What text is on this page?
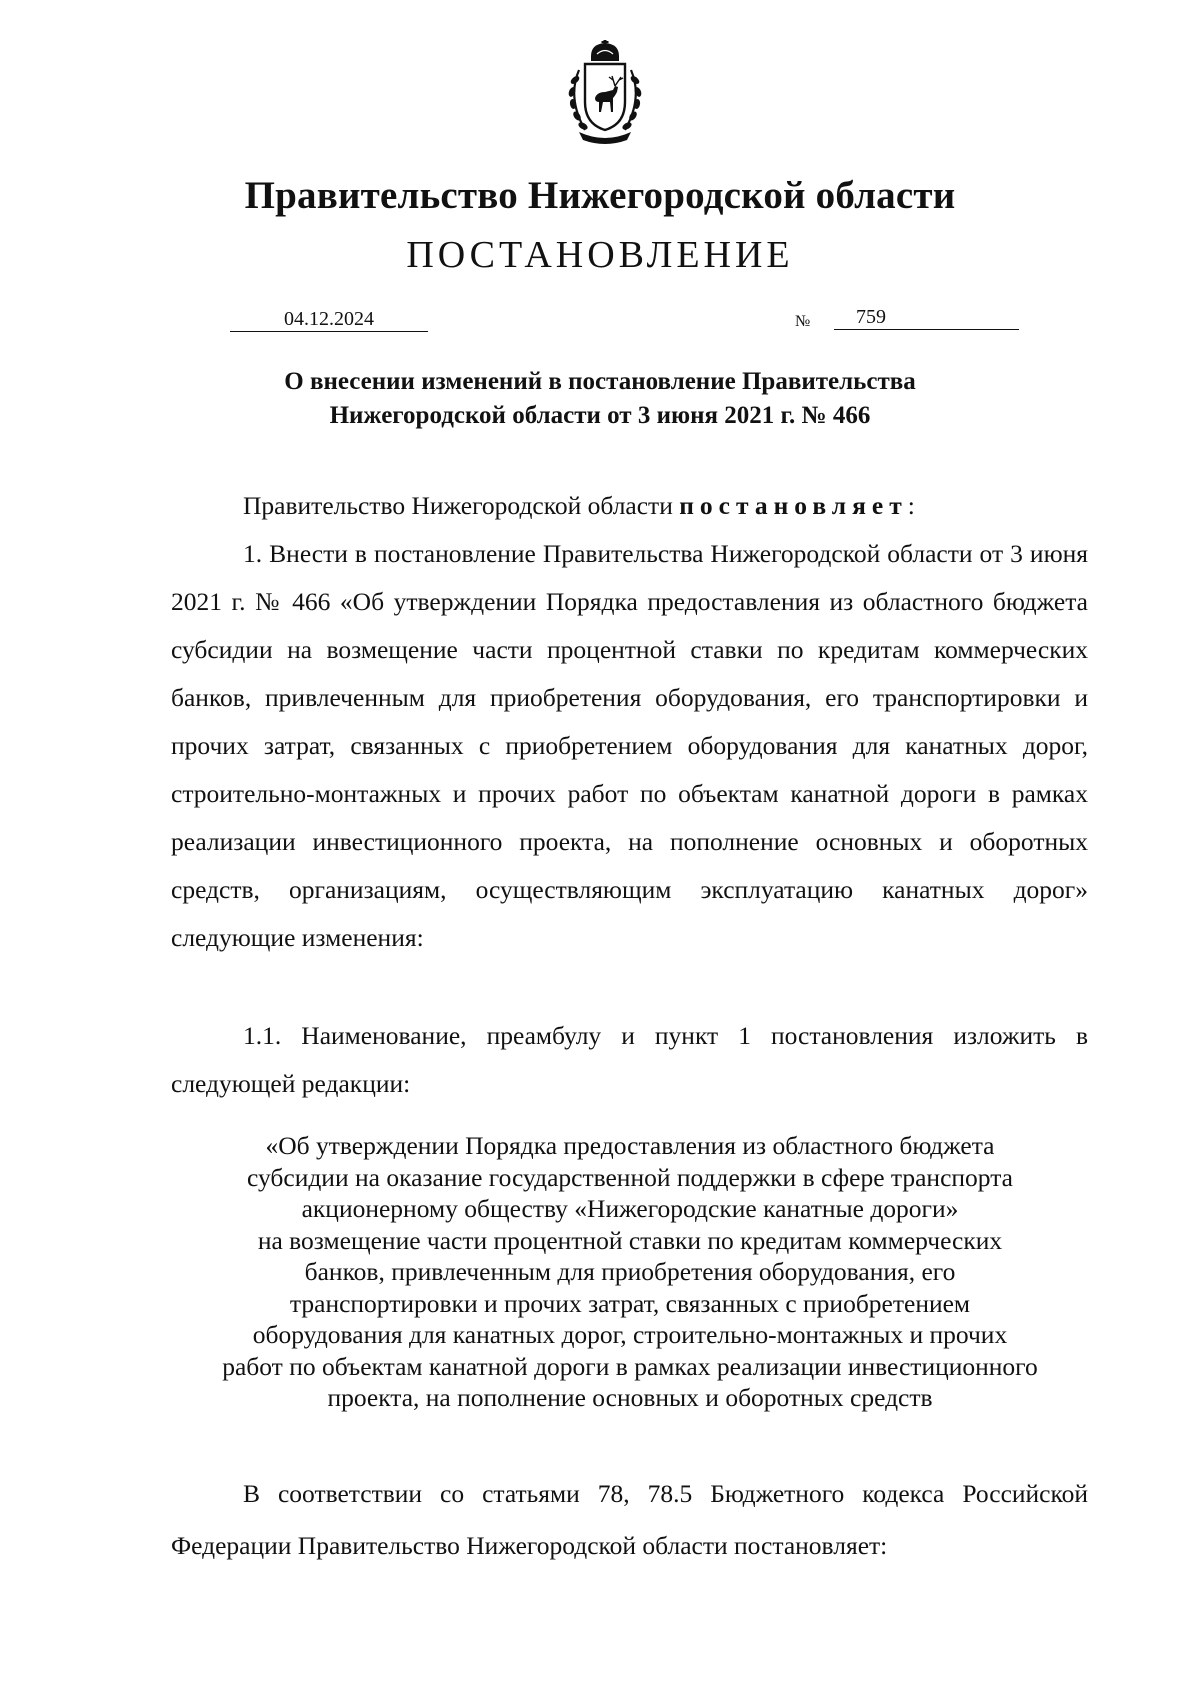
Правительство Нижегородской области
ПОСТАНОВЛЕНИЕ
04.12.2024	№	759
О внесении изменений в постановление Правительства
Нижегородской области от 3 июня 2021 г. № 466

Правительство Нижегородской области постановляет:

1. Внести в постановление Правительства Нижегородской области от 3 июня 2021 г. № 466 «Об утверждении Порядка предоставления из областного бюджета субсидии на возмещение части процентной ставки по кредитам коммерческих банков, привлеченным для приобретения оборудования, его транспортировки и прочих затрат, связанных с приобретением оборудования для канатных дорог, строительно-монтажных и прочих работ по объектам канатной дороги в рамках реализации инвестиционного проекта, на пополнение основных и оборотных средств, организациям, осуществляющим эксплуатацию канатных дорог» следующие изменения:

1.1. Наименование, преамбулу и пункт 1 постановления изложить в следующей редакции:

«Об утверждении Порядка предоставления из областного бюджета
субсидии на оказание государственной поддержки в сфере транспорта
акционерному обществу «Нижегородские канатные дороги»
на возмещение части процентной ставки по кредитам коммерческих
банков, привлеченным для приобретения оборудования, его
транспортировки и прочих затрат, связанных с приобретением
оборудования для канатных дорог, строительно-монтажных и прочих
работ по объектам канатной дороги в рамках реализации инвестиционного
проекта, на пополнение основных и оборотных средств

В соответствии со статьями 78, 78.5 Бюджетного кодекса Российской Федерации Правительство Нижегородской области постановляет:
